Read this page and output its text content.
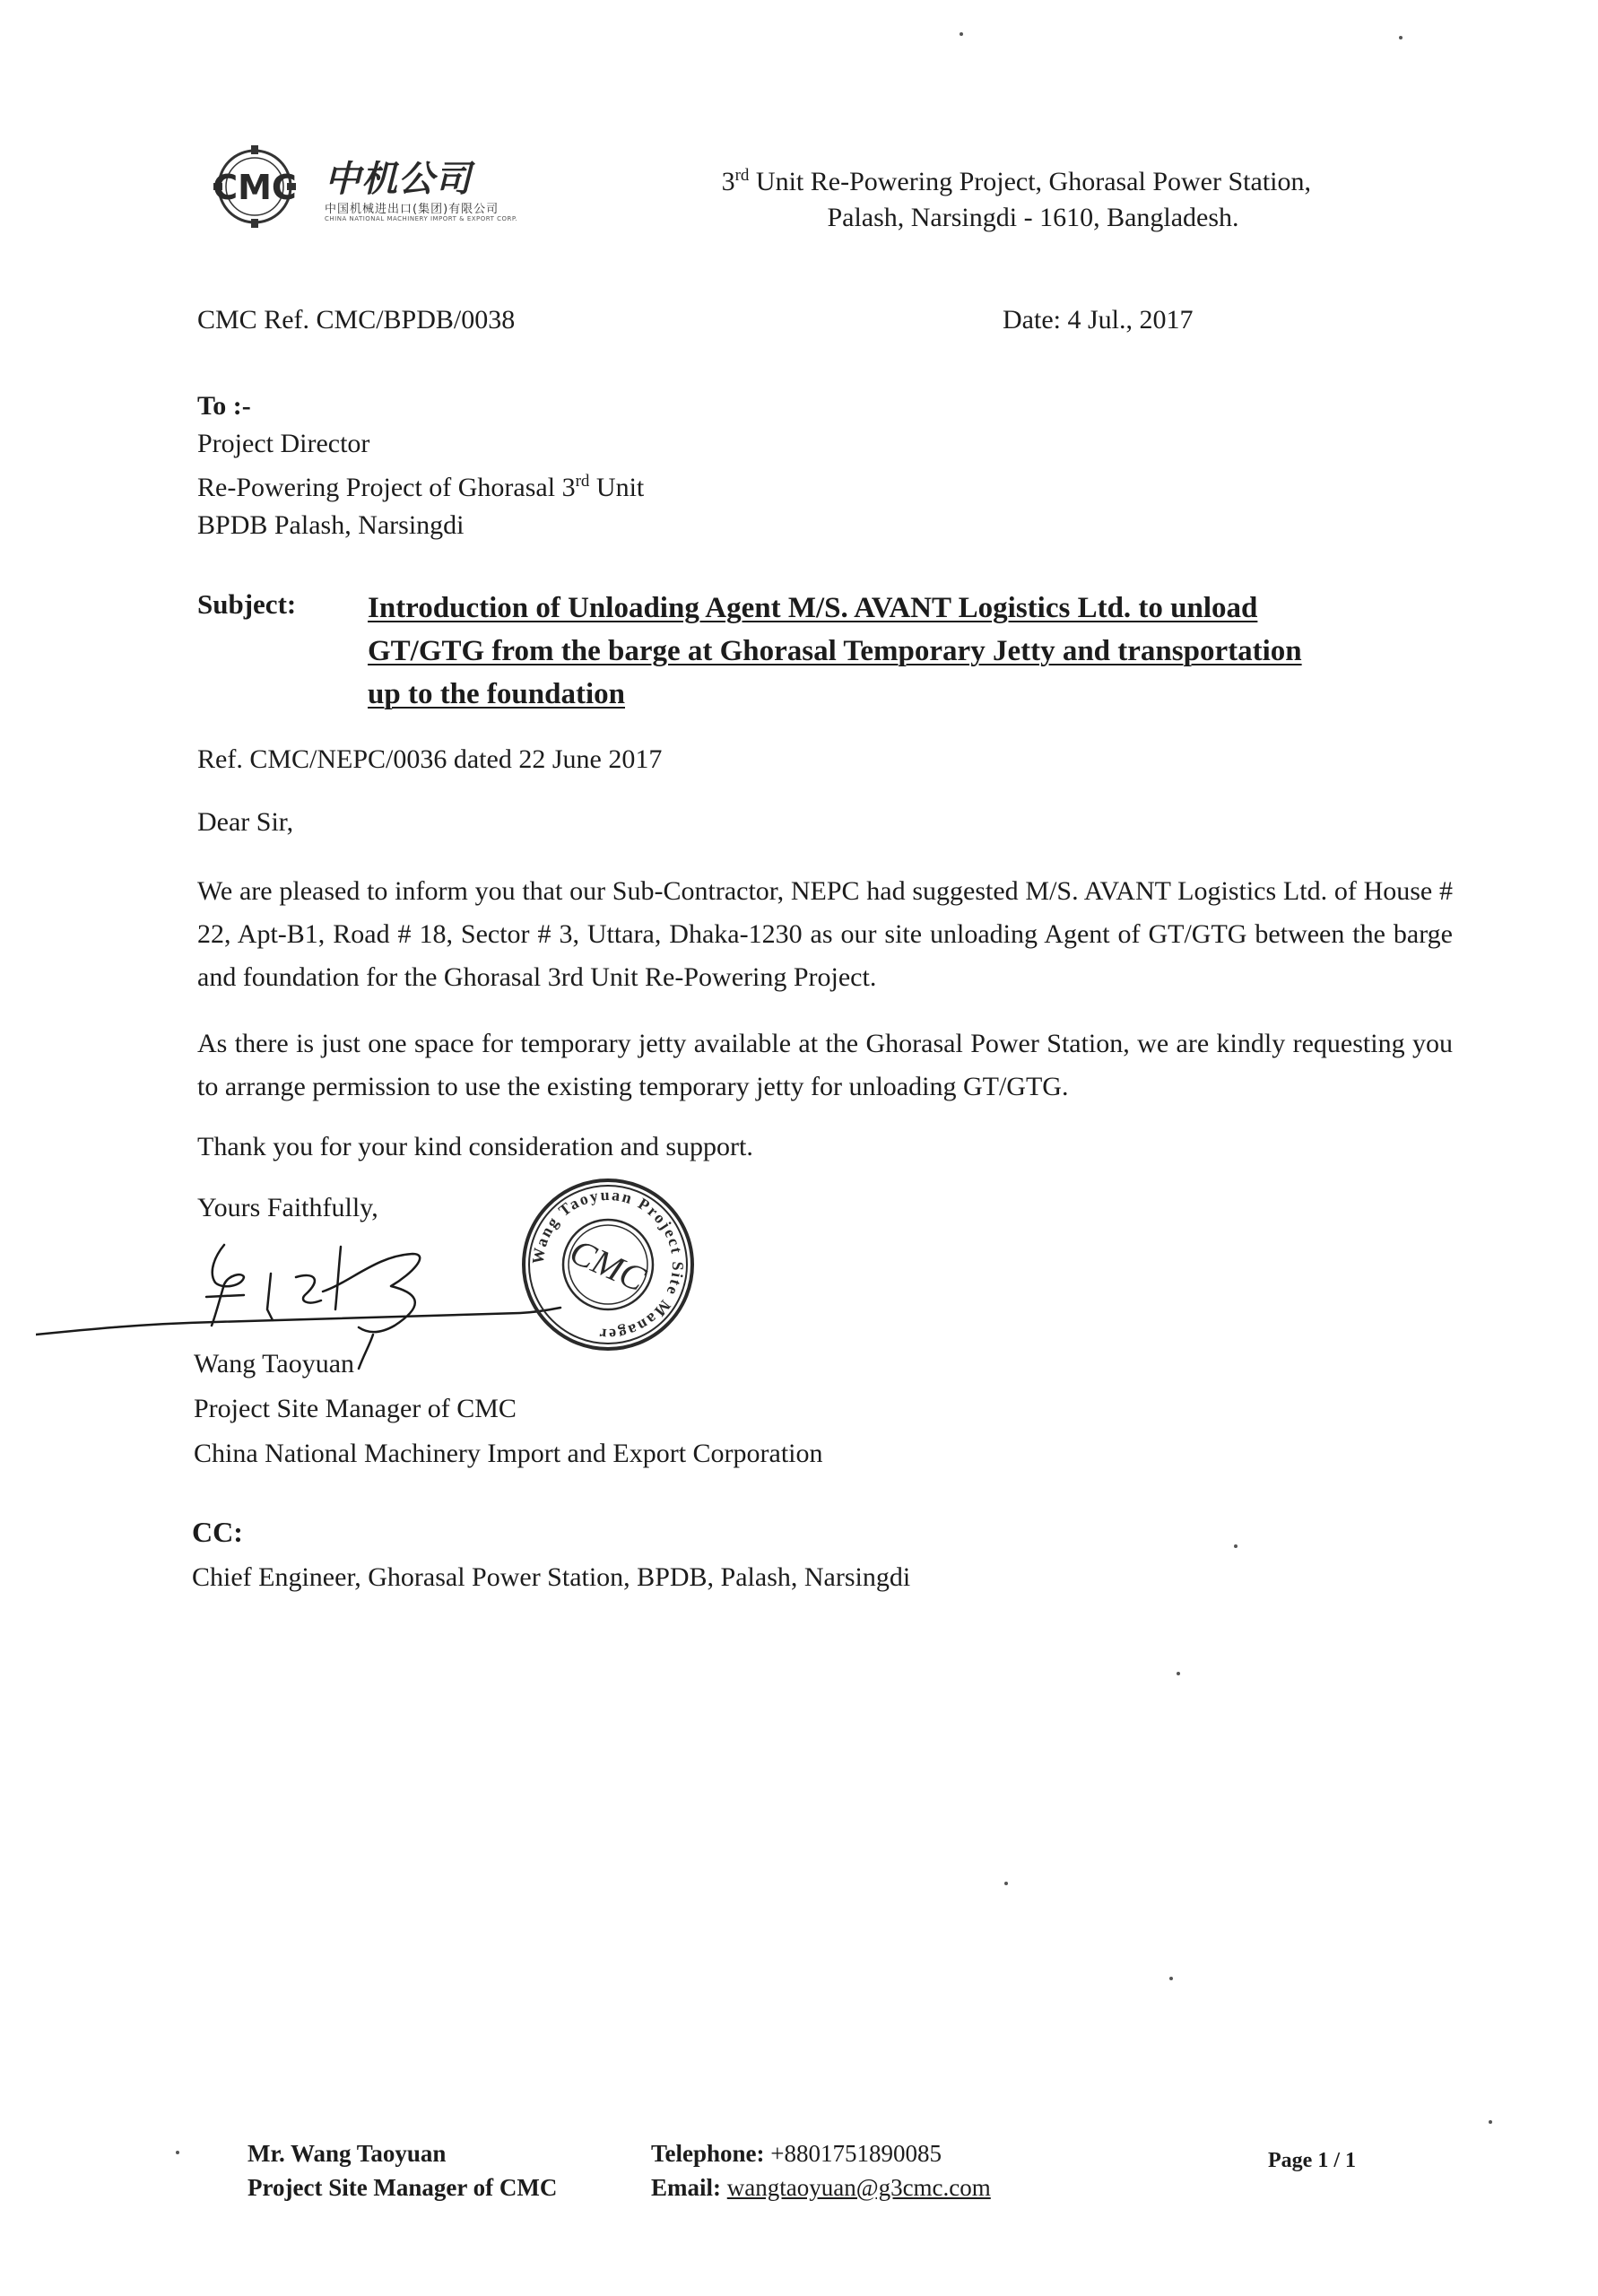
CMC 中机公司
中国机械进出口(集团)有限公司
CHINA NATIONAL MACHINERY IMPORT & EXPORT CORP.
3rd Unit Re-Powering Project, Ghorasal Power Station,
Palash, Narsingdi - 1610, Bangladesh.
CMC Ref. CMC/BPDB/0038	Date: 4 Jul., 2017
To :-
Project Director
Re-Powering Project of Ghorasal 3rd Unit
BPDB Palash, Narsingdi
Subject: Introduction of Unloading Agent M/S. AVANT Logistics Ltd. to unload
GT/GTG from the barge at Ghorasal Temporary Jetty and transportation
up to the foundation
Ref. CMC/NEPC/0036 dated 22 June 2017
Dear Sir,
We are pleased to inform you that our Sub-Contractor, NEPC had suggested M/S. AVANT Logistics Ltd. of House # 22, Apt-B1, Road # 18, Sector # 3, Uttara, Dhaka-1230 as our site unloading Agent of GT/GTG between the barge and foundation for the Ghorasal 3rd Unit Re-Powering Project.
As there is just one space for temporary jetty available at the Ghorasal Power Station, we are kindly requesting you to arrange permission to use the existing temporary jetty for unloading GT/GTG.
Thank you for your kind consideration and support.
Yours Faithfully,
Wang Taoyuan Project Site Manager
CMC
Wang Taoyuan
Project Site Manager of CMC
China National Machinery Import and Export Corporation
CC:
Chief Engineer, Ghorasal Power Station, BPDB, Palash, Narsingdi
Mr. Wang Taoyuan
Project Site Manager of CMC
Telephone: +8801751890085
Email: wangtaoyuan@g3cmc.com
Page 1 / 1
